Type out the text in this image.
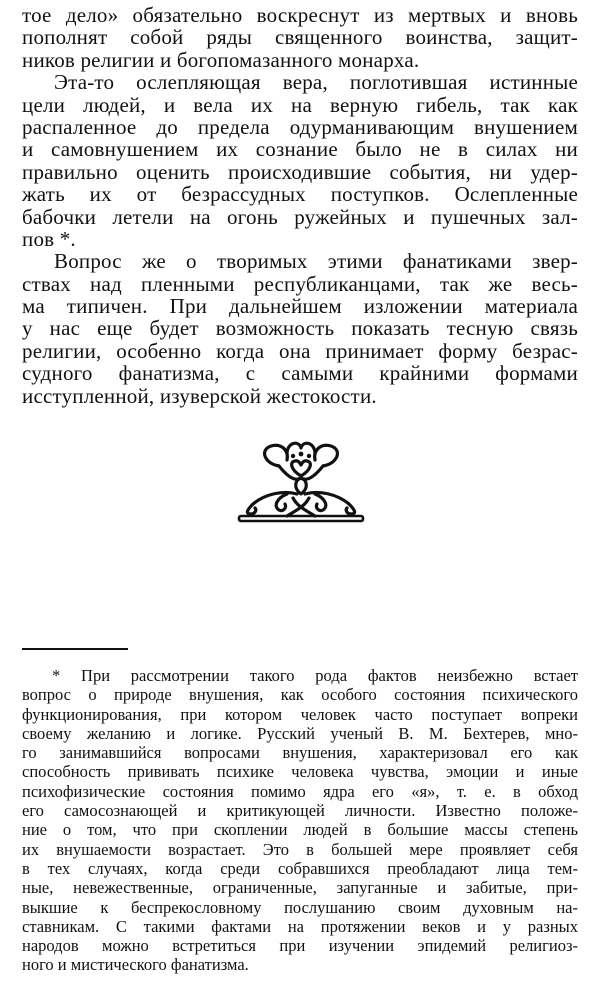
тое дело» обязательно воскреснут из мертвых и вновь
пополнят собой ряды священного воинства, защит-
ников религии и богопомазанного монарха.
Эта-то ослепляющая вера, поглотившая истинные
цели людей, и вела их на верную гибель, так как
распаленное до предела одурманивающим внушением
и самовнушением их сознание было не в силах ни
правильно оценить происходившие события, ни удер-
жать их от безрассудных поступков. Ослепленные
бабочки летели на огонь ружейных и пушечных зал-
пов *.
Вопрос же о творимых этими фанатиками звер-
ствах над пленными республиканцами, так же весь-
ма типичен. При дальнейшем изложении материала
у нас еще будет возможность показать тесную связь
религии, особенно когда она принимает форму безрас-
судного фанатизма, с самыми крайними формами
исступленной, изуверской жестокости.
* При рассмотрении такого рода фактов неизбежно встает
вопрос о природе внушения, как особого состояния психического
функционирования, при котором человек часто поступает вопреки
своему желанию и логике. Русский ученый В. М. Бехтерев, мно-
го занимавшийся вопросами внушения, характеризовал его как
способность прививать психике человека чувства, эмоции и иные
психофизические состояния помимо ядра его «я», т. е. в обход
его самосознающей и критикующей личности. Известно положе-
ние о том, что при скоплении людей в большие массы степень
их внушаемости возрастает. Это в большей мере проявляет себя
в тех случаях, когда среди собравшихся преобладают лица тем-
ные, невежественные, ограниченные, запуганные и забитые, при-
выкшие к беспрекословному послушанию своим духовным на-
ставникам. С такими фактами на протяжении веков и у разных
народов можно встретиться при изучении эпидемий религиоз-
ного и мистического фанатизма.
